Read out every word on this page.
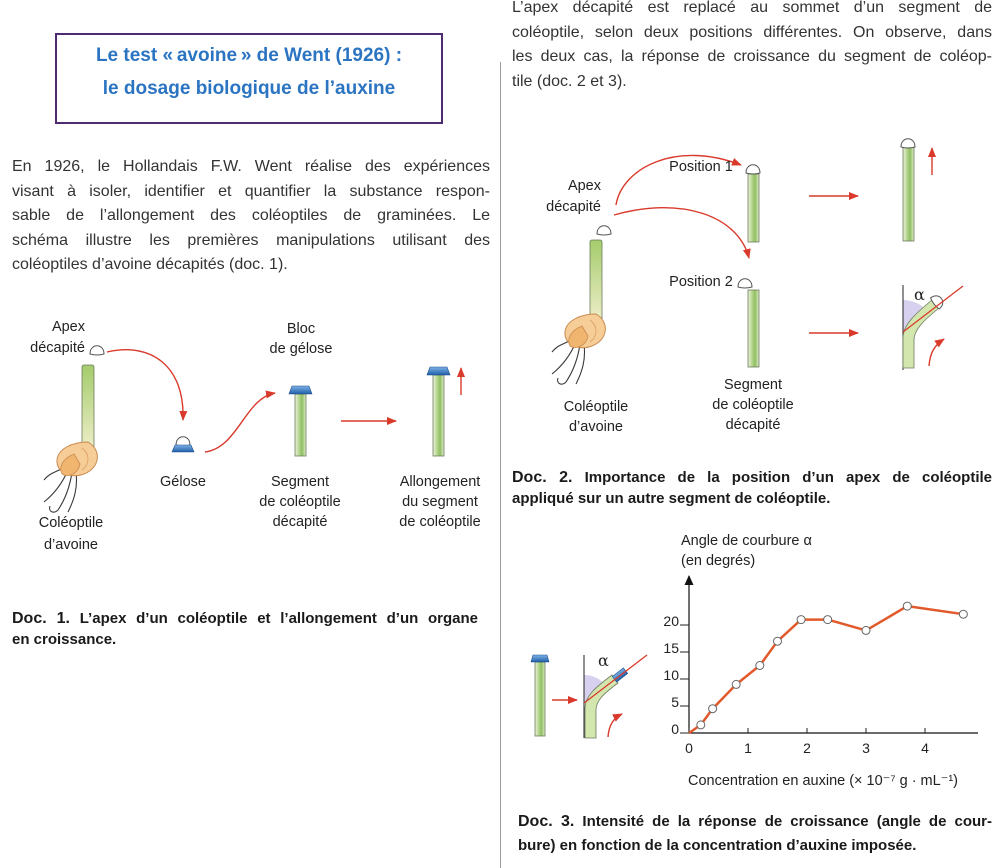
Apex
décapité
Coléoptile
d’avoine
Gélose
Bloc
de gélose
Segment
de coléoptile
décapité
Allongement
du segment
de coléoptile
Apex
décapité
Coléoptile
d’avoine
Position 1
Position 2
Segment
de coléoptile
décapité
α
α
Angle de courbure α
(en degrés)
Concentration en auxine (× 10⁻⁷ g · mL⁻¹)
0
5
10
15
20
0	1	2	3	4
Le test « avoine » de Went (1926) :
le dosage biologique de l’auxine
En 1926, le Hollandais F.W. Went réalise des expériences
visant à isoler, identifier et quantifier la substance respon-
sable de l’allongement des coléoptiles de graminées. Le
schéma illustre les premières manipulations utilisant des
coléoptiles d’avoine décapités (doc. 1).
L’apex décapité est replacé au sommet d’un segment de
coléoptile, selon deux positions différentes. On observe, dans
les deux cas, la réponse de croissance du segment de coléop-
tile (doc. 2 et 3).
Doc. 1. L’apex d’un coléoptile et l’allongement d’un organe
en croissance.
Doc. 2. Importance de la position d’un apex de coléoptile
appliqué sur un autre segment de coléoptile.
Doc. 3. Intensité de la réponse de croissance (angle de cour-
bure) en fonction de la concentration d’auxine imposée.
